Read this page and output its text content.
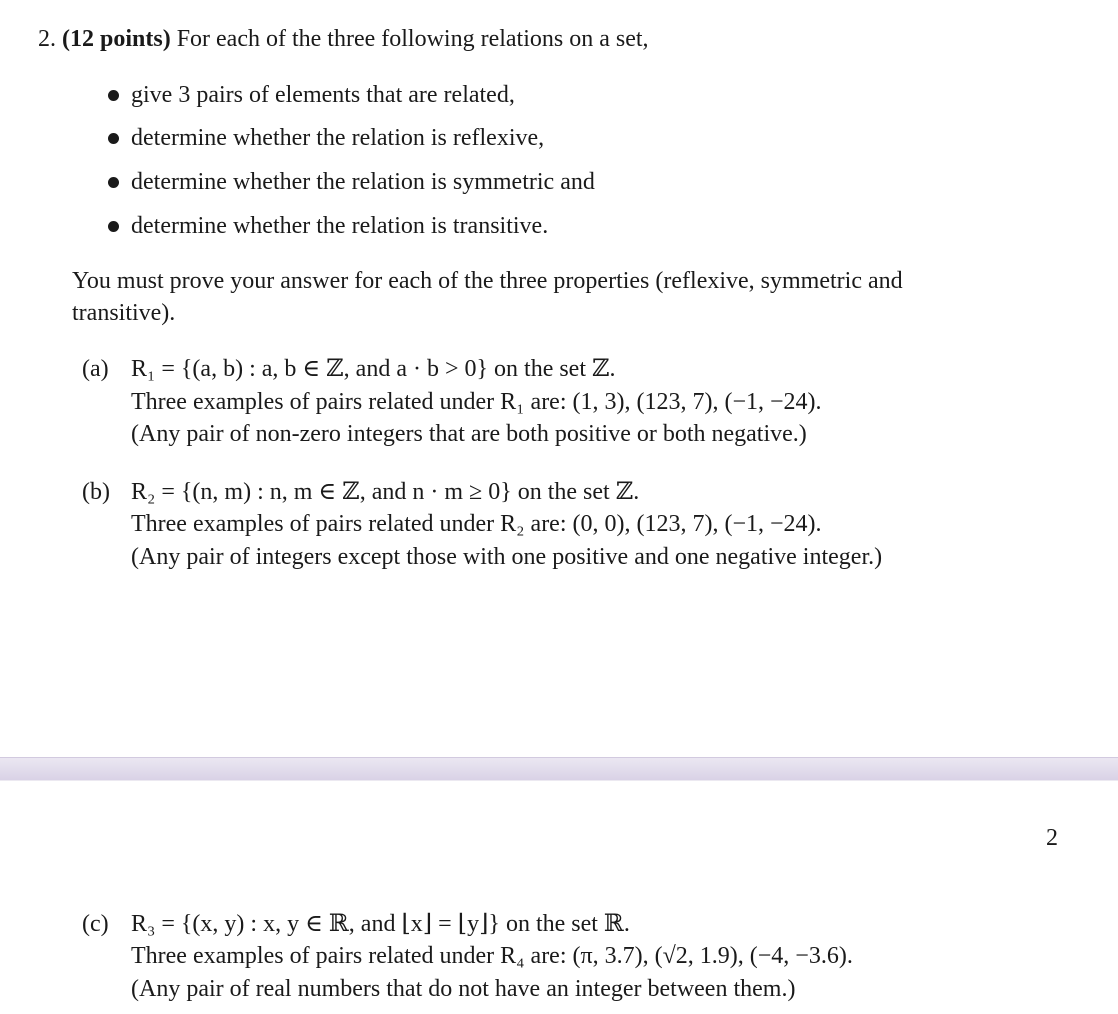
2. (12 points) For each of the three following relations on a set,
give 3 pairs of elements that are related,
determine whether the relation is reflexive,
determine whether the relation is symmetric and
determine whether the relation is transitive.
You must prove your answer for each of the three properties (reflexive, symmetric and
transitive).
(a) R₁ = {(a, b) : a, b ∈ ℤ, and a · b > 0} on the set ℤ.
Three examples of pairs related under R₁ are: (1, 3), (123, 7), (−1, −24).
(Any pair of non-zero integers that are both positive or both negative.)
(b) R₂ = {(n, m) : n, m ∈ ℤ, and n · m ≥ 0} on the set ℤ.
Three examples of pairs related under R₂ are: (0, 0), (123, 7), (−1, −24).
(Any pair of integers except those with one positive and one negative integer.)
2
(c) R₃ = {(x, y) : x, y ∈ ℝ, and ⌊x⌋ = ⌊y⌋} on the set ℝ.
Three examples of pairs related under R₄ are: (π, 3.7), (√2, 1.9), (−4, −3.6).
(Any pair of real numbers that do not have an integer between them.)
